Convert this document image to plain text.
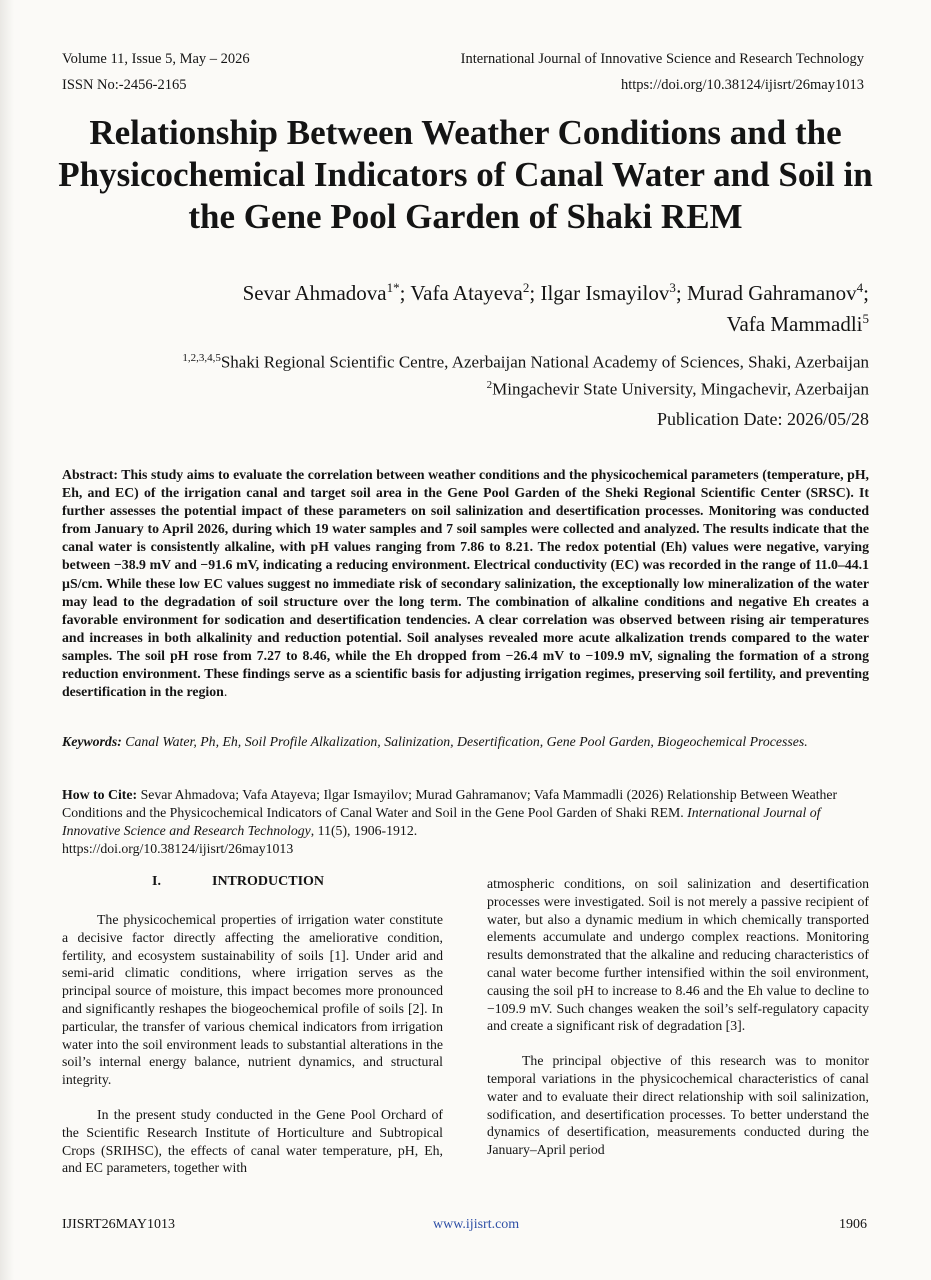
Volume 11, Issue 5, May – 2026
ISSN No:-2456-2165
International Journal of Innovative Science and Research Technology
https://doi.org/10.38124/ijisrt/26may1013
Relationship Between Weather Conditions and the Physicochemical Indicators of Canal Water and Soil in the Gene Pool Garden of Shaki REM
Sevar Ahmadova$^{1*}$; Vafa Atayeva$^2$; Ilgar Ismayilov$^3$; Murad Gahramanov$^4$;
Vafa Mammadli$^5$
$^{1,2,3,4,5}$Shaki Regional Scientific Centre, Azerbaijan National Academy of Sciences, Shaki, Azerbaijan
$^2$Mingachevir State University, Mingachevir, Azerbaijan
Publication Date: 2026/05/28
Abstract: This study aims to evaluate the correlation between weather conditions and the physicochemical parameters (temperature, pH, Eh, and EC) of the irrigation canal and target soil area in the Gene Pool Garden of the Sheki Regional Scientific Center (SRSC). It further assesses the potential impact of these parameters on soil salinization and desertification processes. Monitoring was conducted from January to April 2026, during which 19 water samples and 7 soil samples were collected and analyzed. The results indicate that the canal water is consistently alkaline, with pH values ranging from 7.86 to 8.21. The redox potential (Eh) values were negative, varying between −38.9 mV and −91.6 mV, indicating a reducing environment. Electrical conductivity (EC) was recorded in the range of 11.0–44.1 µS/cm. While these low EC values suggest no immediate risk of secondary salinization, the exceptionally low mineralization of the water may lead to the degradation of soil structure over the long term. The combination of alkaline conditions and negative Eh creates a favorable environment for sodication and desertification tendencies. A clear correlation was observed between rising air temperatures and increases in both alkalinity and reduction potential. Soil analyses revealed more acute alkalization trends compared to the water samples. The soil pH rose from 7.27 to 8.46, while the Eh dropped from −26.4 mV to −109.9 mV, signaling the formation of a strong reduction environment. These findings serve as a scientific basis for adjusting irrigation regimes, preserving soil fertility, and preventing desertification in the region.
Keywords: Canal Water, Ph, Eh, Soil Profile Alkalization, Salinization, Desertification, Gene Pool Garden, Biogeochemical Processes.
How to Cite: Sevar Ahmadova; Vafa Atayeva; Ilgar Ismayilov; Murad Gahramanov; Vafa Mammadli (2026) Relationship Between Weather Conditions and the Physicochemical Indicators of Canal Water and Soil in the Gene Pool Garden of Shaki REM. International Journal of Innovative Science and Research Technology, 11(5), 1906-1912.
https://doi.org/10.38124/ijisrt/26may1013
I.	INTRODUCTION

The physicochemical properties of irrigation water constitute a decisive factor directly affecting the ameliorative condition, fertility, and ecosystem sustainability of soils [1]. Under arid and semi-arid climatic conditions, where irrigation serves as the principal source of moisture, this impact becomes more pronounced and significantly reshapes the biogeochemical profile of soils [2]. In particular, the transfer of various chemical indicators from irrigation water into the soil environment leads to substantial alterations in the soil’s internal energy balance, nutrient dynamics, and structural integrity.

In the present study conducted in the Gene Pool Orchard of the Scientific Research Institute of Horticulture and Subtropical Crops (SRIHSC), the effects of canal water temperature, pH, Eh, and EC parameters, together with

atmospheric conditions, on soil salinization and desertification processes were investigated. Soil is not merely a passive recipient of water, but also a dynamic medium in which chemically transported elements accumulate and undergo complex reactions. Monitoring results demonstrated that the alkaline and reducing characteristics of canal water become further intensified within the soil environment, causing the soil pH to increase to 8.46 and the Eh value to decline to −109.9 mV. Such changes weaken the soil’s self-regulatory capacity and create a significant risk of degradation [3].

The principal objective of this research was to monitor temporal variations in the physicochemical characteristics of canal water and to evaluate their direct relationship with soil salinization, sodification, and desertification processes. To better understand the dynamics of desertification, measurements conducted during the January–April period

IJISRT26MAY1013	www.ijisrt.com	1906
